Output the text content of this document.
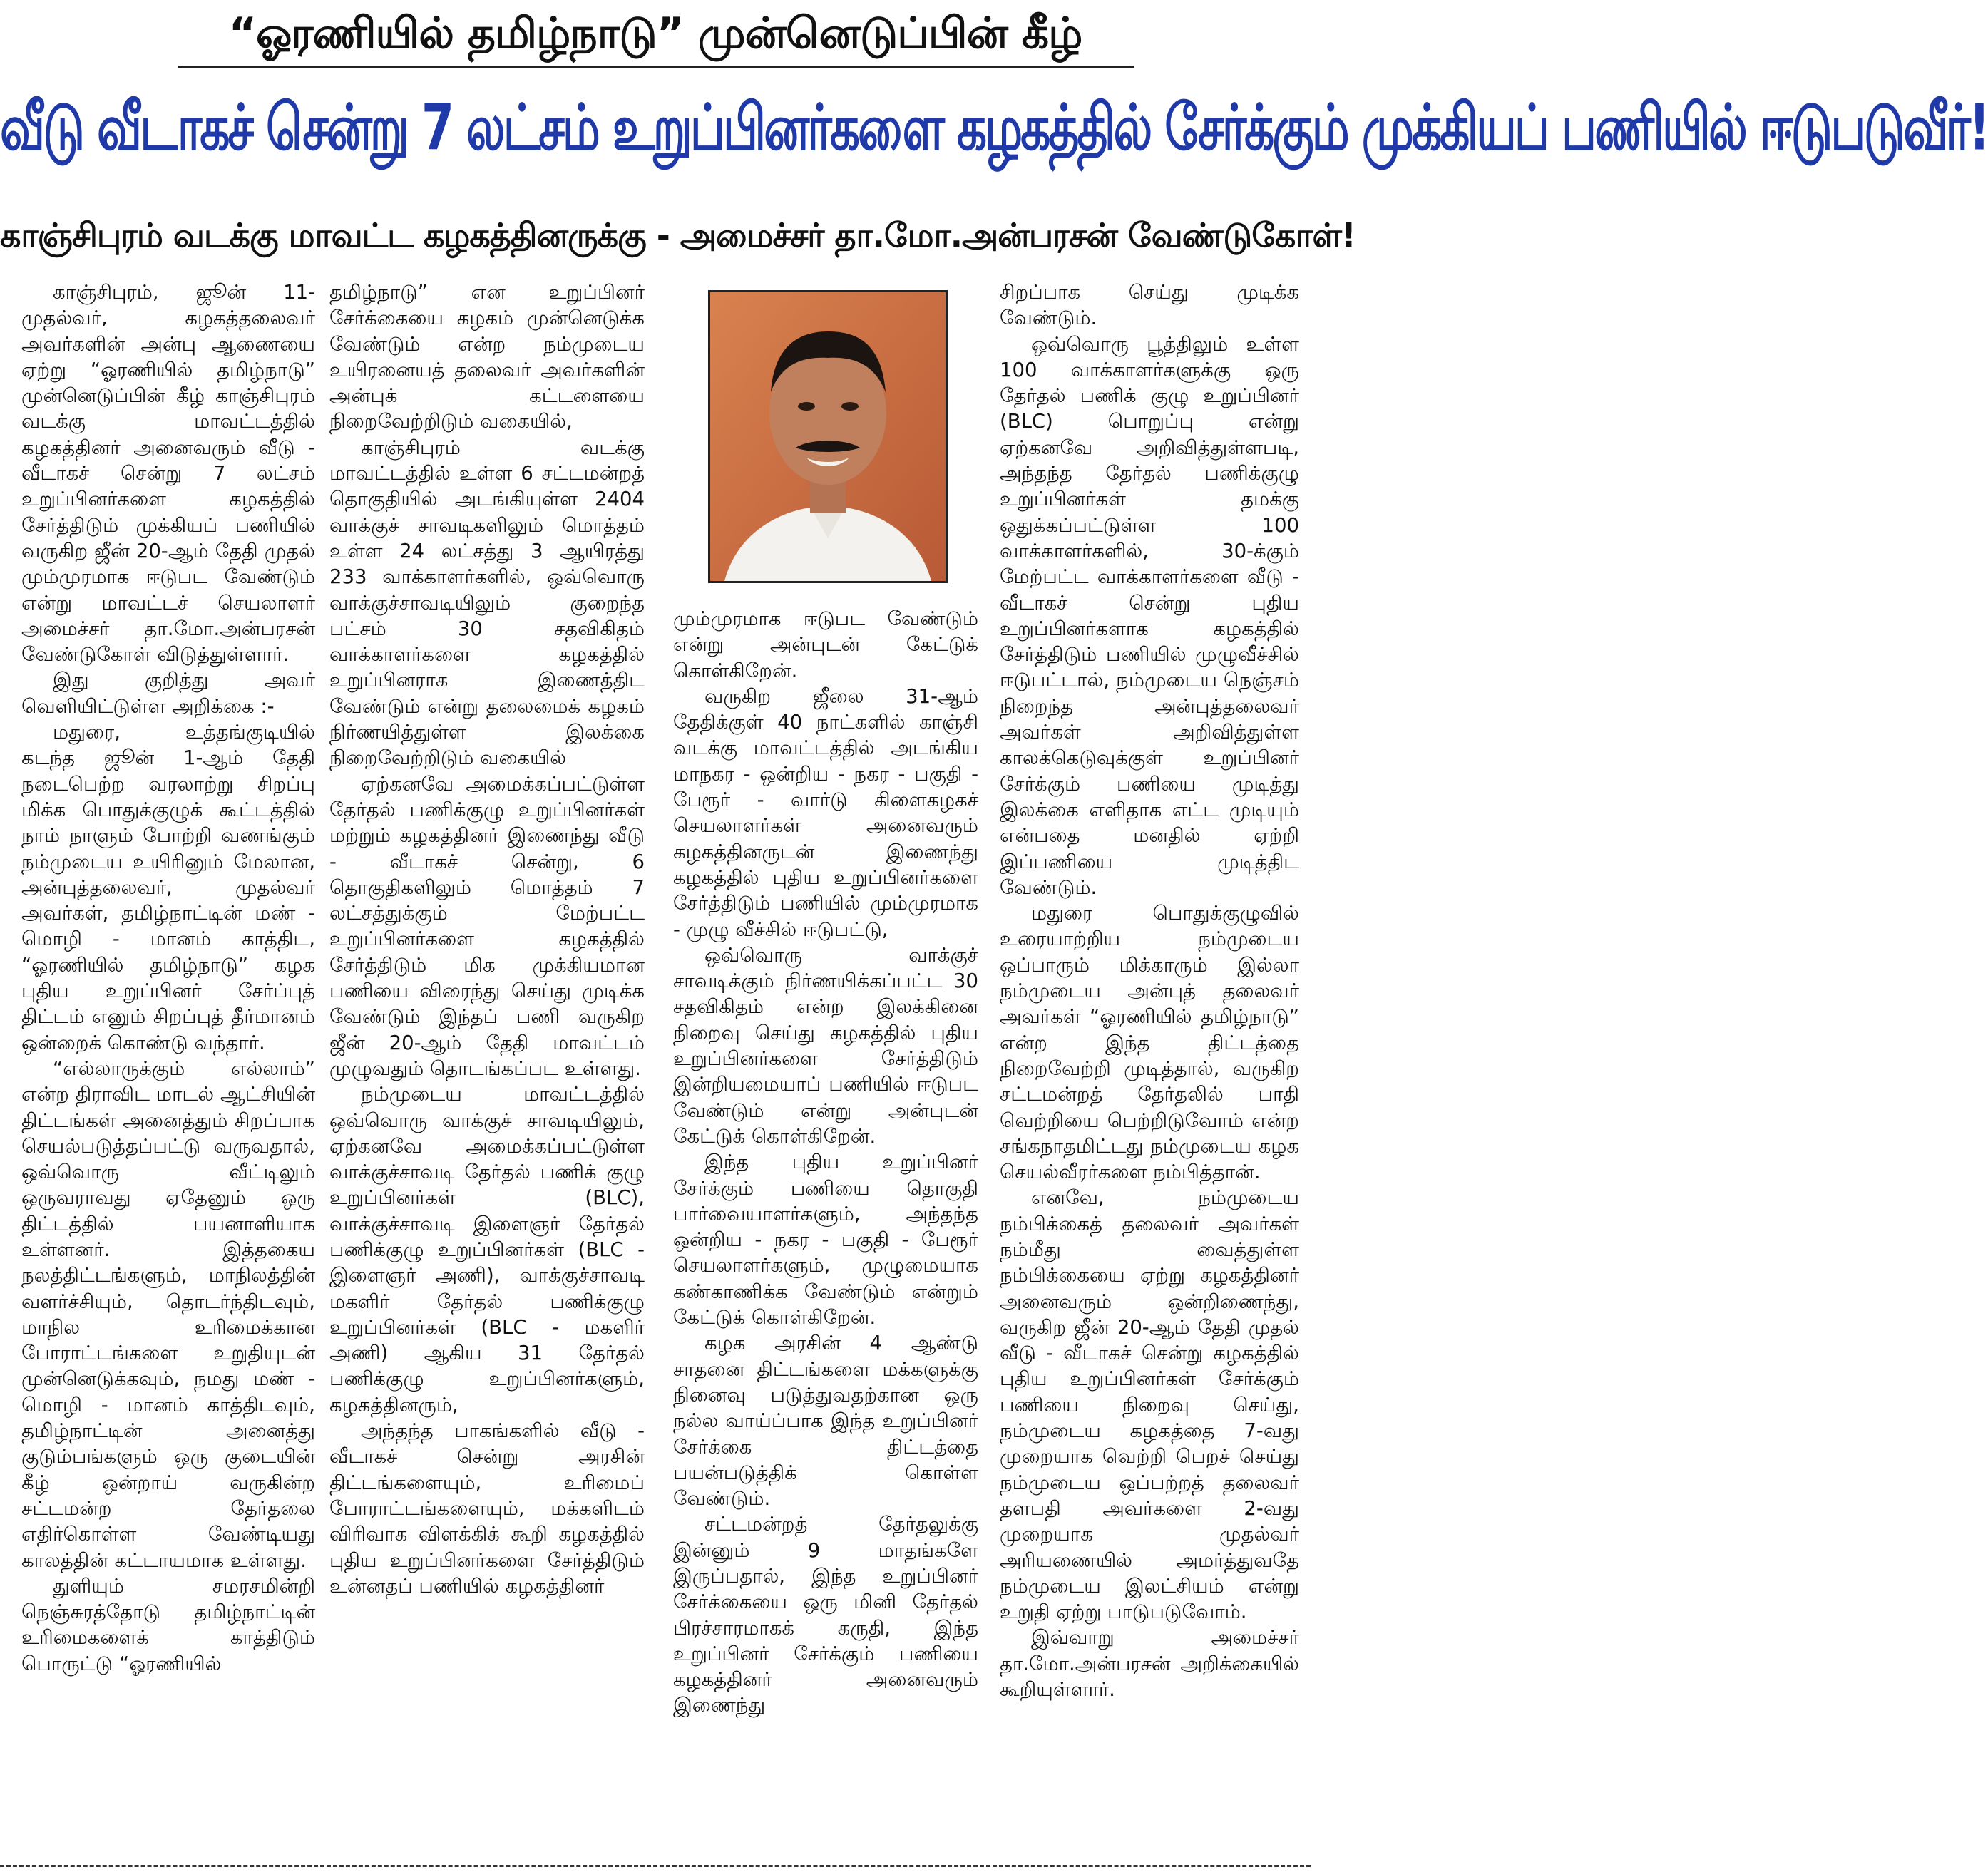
“ஓரணியில் தமிழ்நாடு” முன்னெடுப்பின் கீழ்
வீடு வீடாகச் சென்று 7 லட்சம் உறுப்பினர்களை கழகத்தில் சேர்க்கும் முக்கியப் பணியில் ஈடுபடுவீர்!
காஞ்சிபுரம் வடக்கு மாவட்ட கழகத்தினருக்கு - அமைச்சர் தா.மோ.அன்பரசன் வேண்டுகோள்!

காஞ்சிபுரம், ஜூன் 11- முதல்வர், கழகத்தலைவர் அவர்களின் அன்பு ஆணையை ஏற்று “ஓரணியில் தமிழ்நாடு” முன்னெடுப்பின் கீழ் காஞ்சிபுரம் வடக்கு மாவட்டத்தில் கழகத்தினர் அனைவரும் வீடு - வீடாகச் சென்று 7 லட்சம் உறுப்பினர்களை கழகத்தில் சேர்த்திடும் முக்கியப் பணியில் வருகிற ஜீன் 20-ஆம் தேதி முதல் மும்முரமாக ஈடுபட வேண்டும் என்று மாவட்டச் செயலாளர் அமைச்சர் தா.மோ.அன்பரசன் வேண்டுகோள் விடுத்துள்ளார்.

இது குறித்து அவர் வெளியிட்டுள்ள அறிக்கை :-

மதுரை, உத்தங்குடியில் கடந்த ஜூன் 1-ஆம் தேதி நடைபெற்ற வரலாற்று சிறப்பு மிக்க பொதுக்குழுக் கூட்டத்தில் நாம் நாளும் போற்றி வணங்கும் நம்முடைய உயிரினும் மேலான, அன்புத்தலைவர், முதல்வர் அவர்கள், தமிழ்நாட்டின் மண் - மொழி - மானம் காத்திட, “ஓரணியில் தமிழ்நாடு” கழக புதிய உறுப்பினர் சேர்ப்புத் திட்டம் எனும் சிறப்புத் தீர்மானம் ஒன்றைக் கொண்டு வந்தார்.

“எல்லாருக்கும் எல்லாம்” என்ற திராவிட மாடல் ஆட்சியின் திட்டங்கள் அனைத்தும் சிறப்பாக செயல்படுத்தப்பட்டு வருவதால், ஒவ்வொரு வீட்டிலும் ஒருவராவது ஏதேனும் ஒரு திட்டத்தில் பயனாளியாக உள்ளனர். இத்தகைய நலத்திட்டங்களும், மாநிலத்தின் வளர்ச்சியும், தொடர்ந்திடவும், மாநில உரிமைக்கான போராட்டங்களை உறுதியுடன் முன்னெடுக்கவும், நமது மண் - மொழி - மானம் காத்திடவும், தமிழ்நாட்டின் அனைத்து குடும்பங்களும் ஒரு குடையின் கீழ் ஒன்றாய் வருகின்ற சட்டமன்ற தேர்தலை எதிர்கொள்ள வேண்டியது காலத்தின் கட்டாயமாக உள்ளது.

துளியும் சமரசமின்றி நெஞ்சுரத்தோடு தமிழ்நாட்டின் உரிமைகளைக் காத்திடும் பொருட்டு “ஓரணியில்

தமிழ்நாடு” என உறுப்பினர் சேர்க்கையை கழகம் முன்னெடுக்க வேண்டும் என்ற நம்முடைய உயிரனையத் தலைவர் அவர்களின் அன்புக் கட்டளையை நிறைவேற்றிடும் வகையில்,

காஞ்சிபுரம் வடக்கு மாவட்டத்தில் உள்ள 6 சட்டமன்றத் தொகுதியில் அடங்கியுள்ள 2404 வாக்குச் சாவடிகளிலும் மொத்தம் உள்ள 24 லட்சத்து 3 ஆயிரத்து 233 வாக்காளர்களில், ஒவ்வொரு வாக்குச்சாவடியிலும் குறைந்த பட்சம் 30 சதவிகிதம் வாக்காளர்களை கழகத்தில் உறுப்பினராக இணைத்திட வேண்டும் என்று தலைமைக் கழகம் நிர்ணயித்துள்ள இலக்கை நிறைவேற்றிடும் வகையில்

ஏற்கனவே அமைக்கப்பட்டுள்ள தேர்தல் பணிக்குழு உறுப்பினர்கள் மற்றும் கழகத்தினர் இணைந்து வீடு - வீடாகச் சென்று, 6 தொகுதிகளிலும் மொத்தம் 7 லட்சத்துக்கும் மேற்பட்ட உறுப்பினர்களை கழகத்தில் சேர்த்திடும் மிக முக்கியமான பணியை விரைந்து செய்து முடிக்க வேண்டும் இந்தப் பணி வருகிற ஜீன் 20-ஆம் தேதி மாவட்டம் முழுவதும் தொடங்கப்பட உள்ளது.

நம்முடைய மாவட்டத்தில் ஒவ்வொரு வாக்குச் சாவடியிலும், ஏற்கனவே அமைக்கப்பட்டுள்ள வாக்குச்சாவடி தேர்தல் பணிக் குழு உறுப்பினர்கள் (BLC), வாக்குச்சாவடி இளைஞர் தேர்தல் பணிக்குழு உறுப்பினர்கள் (BLC - இளைஞர் அணி), வாக்குச்சாவடி மகளிர் தேர்தல் பணிக்குழு உறுப்பினர்கள் (BLC - மகளிர் அணி) ஆகிய 31 தேர்தல் பணிக்குழு உறுப்பினர்களும், கழகத்தினரும்,

அந்தந்த பாகங்களில் வீடு - வீடாகச் சென்று அரசின் திட்டங்களையும், உரிமைப் போராட்டங்களையும், மக்களிடம் விரிவாக விளக்கிக் கூறி கழகத்தில் புதிய உறுப்பினர்களை சேர்த்திடும் உன்னதப் பணியில் கழகத்தினர்

மும்முரமாக ஈடுபட வேண்டும் என்று அன்புடன் கேட்டுக் கொள்கிறேன்.

வருகிற ஜீலை 31-ஆம் தேதிக்குள் 40 நாட்களில் காஞ்சி வடக்கு மாவட்டத்தில் அடங்கிய மாநகர - ஒன்றிய - நகர - பகுதி - பேரூர் - வார்டு கிளைகழகச் செயலாளர்கள் அனைவரும் கழகத்தினருடன் இணைந்து கழகத்தில் புதிய உறுப்பினர்களை சேர்த்திடும் பணியில் மும்முரமாக - முழு வீச்சில் ஈடுபட்டு,

ஒவ்வொரு வாக்குச் சாவடிக்கும் நிர்ணயிக்கப்பட்ட 30 சதவிகிதம் என்ற இலக்கினை நிறைவு செய்து கழகத்தில் புதிய உறுப்பினர்களை சேர்த்திடும் இன்றியமையாப் பணியில் ஈடுபட வேண்டும் என்று அன்புடன் கேட்டுக் கொள்கிறேன்.

இந்த புதிய உறுப்பினர் சேர்க்கும் பணியை தொகுதி பார்வையாளர்களும், அந்தந்த ஒன்றிய - நகர - பகுதி - பேரூர் செயலாளர்களும், முழுமையாக கண்காணிக்க வேண்டும் என்றும் கேட்டுக் கொள்கிறேன்.

கழக அரசின் 4 ஆண்டு சாதனை திட்டங்களை மக்களுக்கு நினைவு படுத்துவதற்கான ஒரு நல்ல வாய்ப்பாக இந்த உறுப்பினர் சேர்க்கை திட்டத்தை பயன்படுத்திக் கொள்ள வேண்டும்.

சட்டமன்றத் தேர்தலுக்கு இன்னும் 9 மாதங்களே இருப்பதால், இந்த உறுப்பினர் சேர்க்கையை ஒரு மினி தேர்தல் பிரச்சாரமாகக் கருதி, இந்த உறுப்பினர் சேர்க்கும் பணியை கழகத்தினர் அனைவரும் இணைந்து

சிறப்பாக செய்து முடிக்க வேண்டும்.

ஒவ்வொரு பூத்திலும் உள்ள 100 வாக்காளர்களுக்கு ஒரு தேர்தல் பணிக் குழு உறுப்பினர் (BLC) பொறுப்பு என்று ஏற்கனவே அறிவித்துள்ளபடி, அந்தந்த தேர்தல் பணிக்குழு உறுப்பினர்கள் தமக்கு ஒதுக்கப்பட்டுள்ள 100 வாக்காளர்களில், 30-க்கும் மேற்பட்ட வாக்காளர்களை வீடு - வீடாகச் சென்று புதிய உறுப்பினர்களாக கழகத்தில் சேர்த்திடும் பணியில் முழுவீச்சில் ஈடுபட்டால், நம்முடைய நெஞ்சம் நிறைந்த அன்புத்தலைவர் அவர்கள் அறிவித்துள்ள காலக்கெடுவுக்குள் உறுப்பினர் சேர்க்கும் பணியை முடித்து இலக்கை எளிதாக எட்ட முடியும் என்பதை மனதில் ஏற்றி இப்பணியை முடித்திட வேண்டும்.

மதுரை பொதுக்குழுவில் உரையாற்றிய நம்முடைய ஒப்பாரும் மிக்காரும் இல்லா நம்முடைய அன்புத் தலைவர் அவர்கள் “ஓரணியில் தமிழ்நாடு” என்ற இந்த திட்டத்தை நிறைவேற்றி முடித்தால், வருகிற சட்டமன்றத் தேர்தலில் பாதி வெற்றியை பெற்றிடுவோம் என்ற சங்கநாதமிட்டது நம்முடைய கழக செயல்வீரர்களை நம்பித்தான்.

எனவே, நம்முடைய நம்பிக்கைத் தலைவர் அவர்கள் நம்மீது வைத்துள்ள நம்பிக்கையை ஏற்று கழகத்தினர் அனைவரும் ஒன்றிணைந்து, வருகிற ஜீன் 20-ஆம் தேதி முதல் வீடு - வீடாகச் சென்று கழகத்தில் புதிய உறுப்பினர்கள் சேர்க்கும் பணியை நிறைவு செய்து, நம்முடைய கழகத்தை 7-வது முறையாக வெற்றி பெறச் செய்து நம்முடைய ஒப்பற்றத் தலைவர் தளபதி அவர்களை 2-வது முறையாக முதல்வர் அரியணையில் அமர்த்துவதே நம்முடைய இலட்சியம் என்று உறுதி ஏற்று பாடுபடுவோம்.

இவ்வாறு அமைச்சர் தா.மோ.அன்பரசன் அறிக்கையில் கூறியுள்ளார்.
